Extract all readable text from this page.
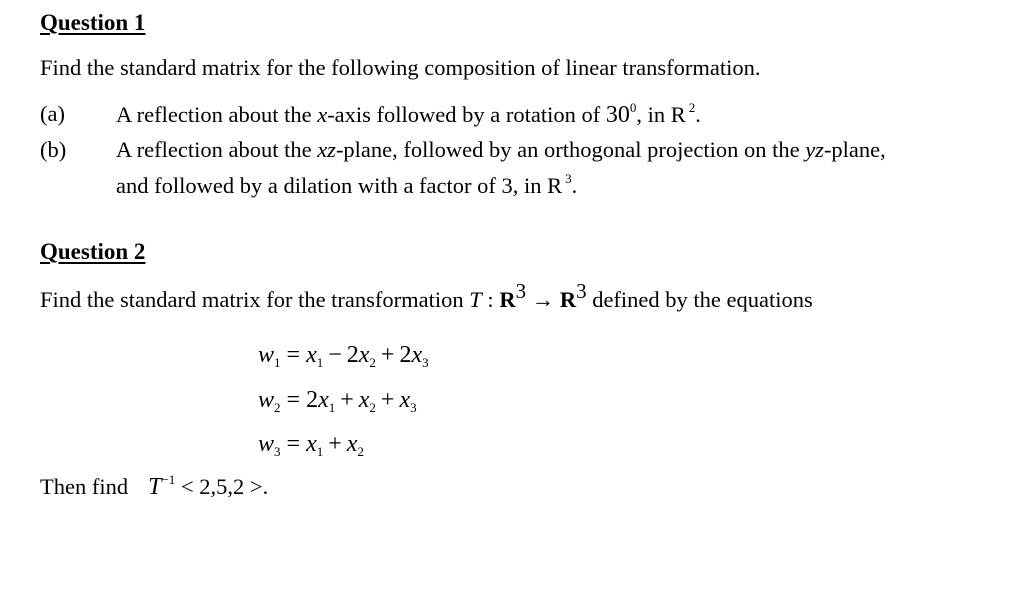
Question 1
Find the standard matrix for the following composition of linear transformation.
(a) A reflection about the x-axis followed by a rotation of $30^0$, in R $^2$.
(b) A reflection about the xz-plane, followed by an orthogonal projection on the yz-plane,
and followed by a dilation with a factor of 3, in R $^3$.
Question 2
Find the standard matrix for the transformation T : R3 → R3 defined by the equations
$w_1 = x_1 - 2x_2 + 2x_3$
$w_2 = 2x_1 + x_2 + x_3$
$w_3 = x_1 + x_2$
Then find $T^{-1} < 2,5,2$ >.
